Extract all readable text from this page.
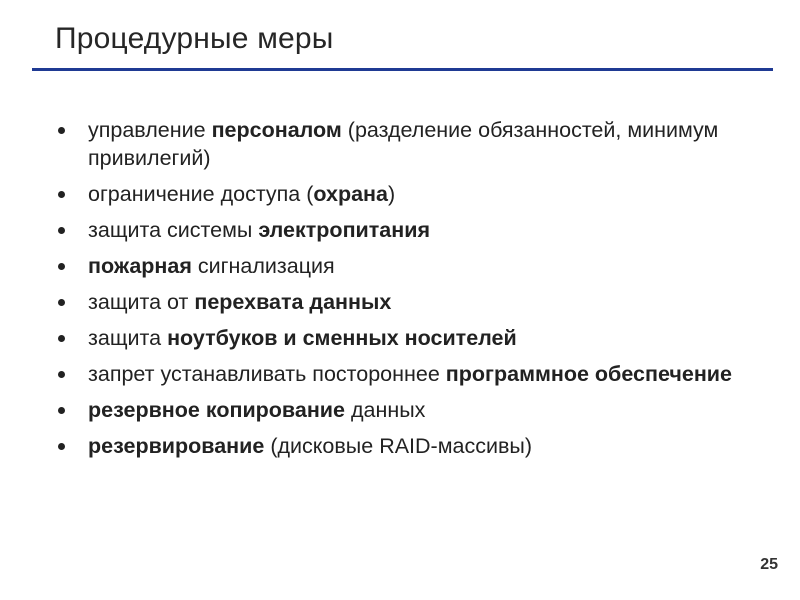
Процедурные меры
управление персоналом (разделение обязанностей, минимум привилегий)
ограничение доступа (охрана)
защита системы электропитания
пожарная сигнализация
защита от перехвата данных
защита ноутбуков и сменных носителей
запрет устанавливать постороннее программное обеспечение
резервное копирование данных
резервирование (дисковые RAID-массивы)
25
